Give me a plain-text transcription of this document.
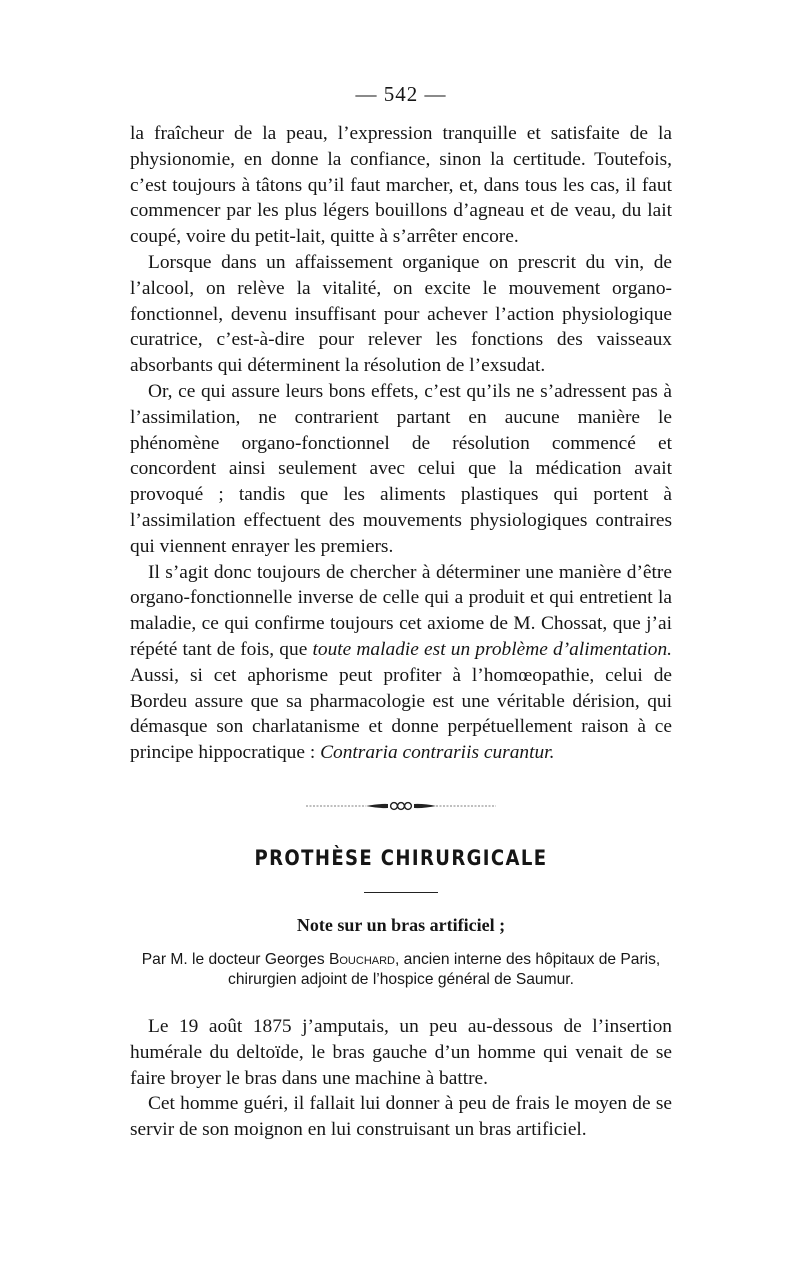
— 542 —

la fraîcheur de la peau, l’expression tranquille et satisfaite de la physionomie, en donne la confiance, sinon la certitude. Toutefois, c’est toujours à tâtons qu’il faut marcher, et, dans tous les cas, il faut commencer par les plus légers bouillons d’agneau et de veau, du lait coupé, voire du petit-lait, quitte à s’arrêter encore.

Lorsque dans un affaissement organique on prescrit du vin, de l’alcool, on relève la vitalité, on excite le mouvement organo-fonctionnel, devenu insuffisant pour achever l’action physiologique curatrice, c’est-à-dire pour relever les fonctions des vaisseaux absorbants qui déterminent la résolution de l’exsudat.

Or, ce qui assure leurs bons effets, c’est qu’ils ne s’adressent pas à l’assimilation, ne contrarient partant en aucune manière le phénomène organo-fonctionnel de résolution commencé et concordent ainsi seulement avec celui que la médication avait provoqué ; tandis que les aliments plastiques qui portent à l’assimilation effectuent des mouvements physiologiques contraires qui viennent enrayer les premiers.

Il s’agit donc toujours de chercher à déterminer une manière d’être organo-fonctionnelle inverse de celle qui a produit et qui entretient la maladie, ce qui confirme toujours cet axiome de M. Chossat, que j’ai répété tant de fois, que toute maladie est un problème d’alimentation. Aussi, si cet aphorisme peut profiter à l’homœopathie, celui de Bordeu assure que sa pharmacologie est une véritable dérision, qui démasque son charlatanisme et donne perpétuellement raison à ce principe hippocratique : Contraria contrariis curantur.

PROTHÈSE CHIRURGICALE
Note sur un bras artificiel ;
Par M. le docteur Georges Bouchard, ancien interne des hôpitaux de Paris, chirurgien adjoint de l’hospice général de Saumur.

Le 19 août 1875 j’amputais, un peu au-dessous de l’insertion humérale du deltoïde, le bras gauche d’un homme qui venait de se faire broyer le bras dans une machine à battre.

Cet homme guéri, il fallait lui donner à peu de frais le moyen de se servir de son moignon en lui construisant un bras artificiel.
